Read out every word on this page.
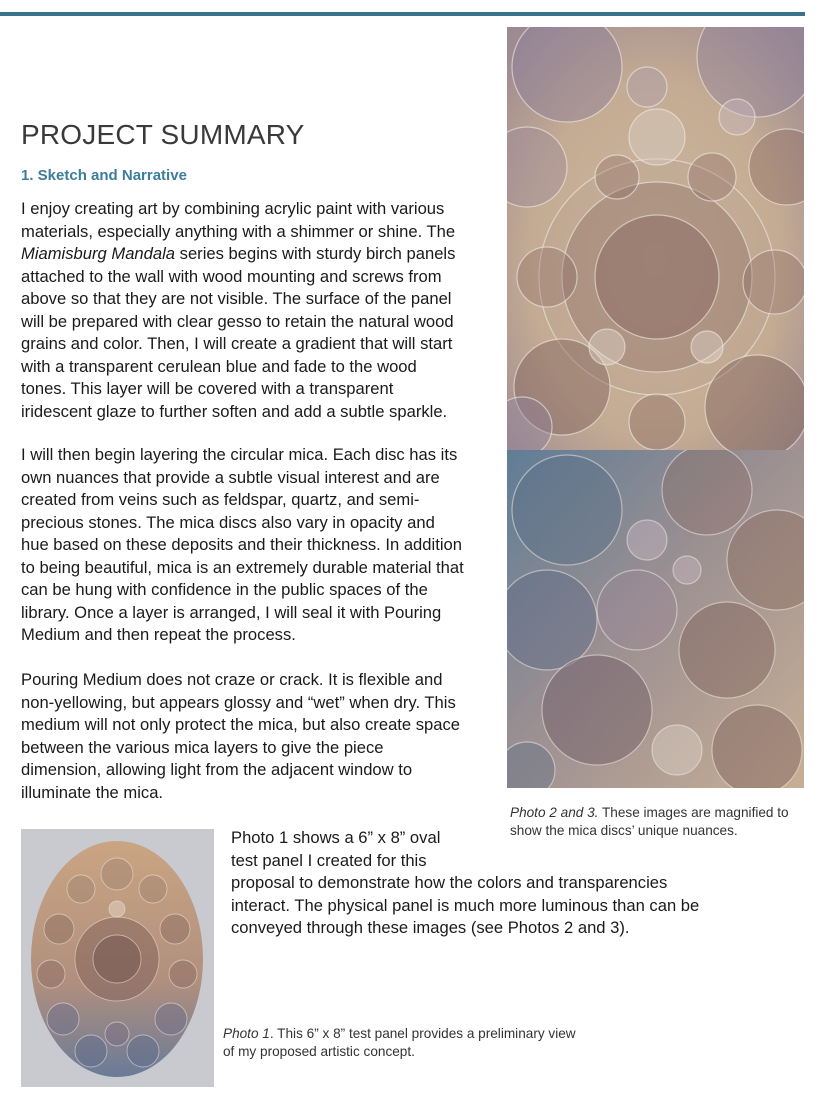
PROJECT SUMMARY
1. Sketch and Narrative

I enjoy creating art by combining acrylic paint with various
materials, especially anything with a shimmer or shine. The
Miamisburg Mandala series begins with sturdy birch panels
attached to the wall with wood mounting and screws from
above so that they are not visible. The surface of the panel
will be prepared with clear gesso to retain the natural wood
grains and color. Then, I will create a gradient that will start
with a transparent cerulean blue and fade to the wood
tones. This layer will be covered with a transparent
iridescent glaze to further soften and add a subtle sparkle.

I will then begin layering the circular mica. Each disc has its
own nuances that provide a subtle visual interest and are
created from veins such as feldspar, quartz, and semi-
precious stones. The mica discs also vary in opacity and
hue based on these deposits and their thickness. In addition
to being beautiful, mica is an extremely durable material that
can be hung with confidence in the public spaces of the
library. Once a layer is arranged, I will seal it with Pouring
Medium and then repeat the process.

Pouring Medium does not craze or crack. It is flexible and
non-yellowing, but appears glossy and “wet” when dry. This
medium will not only protect the mica, but also create space
between the various mica layers to give the piece
dimension, allowing light from the adjacent window to
illuminate the mica.

Photo 2 and 3. These images are magnified to show the mica discs’ unique nuances.

Photo 1 shows a 6” x 8” oval
test panel I created for this
proposal to demonstrate how the colors and transparencies
interact. The physical panel is much more luminous than can be
conveyed through these images (see Photos 2 and 3).

Photo 1. This 6” x 8” test panel provides a preliminary view of my proposed artistic concept.
